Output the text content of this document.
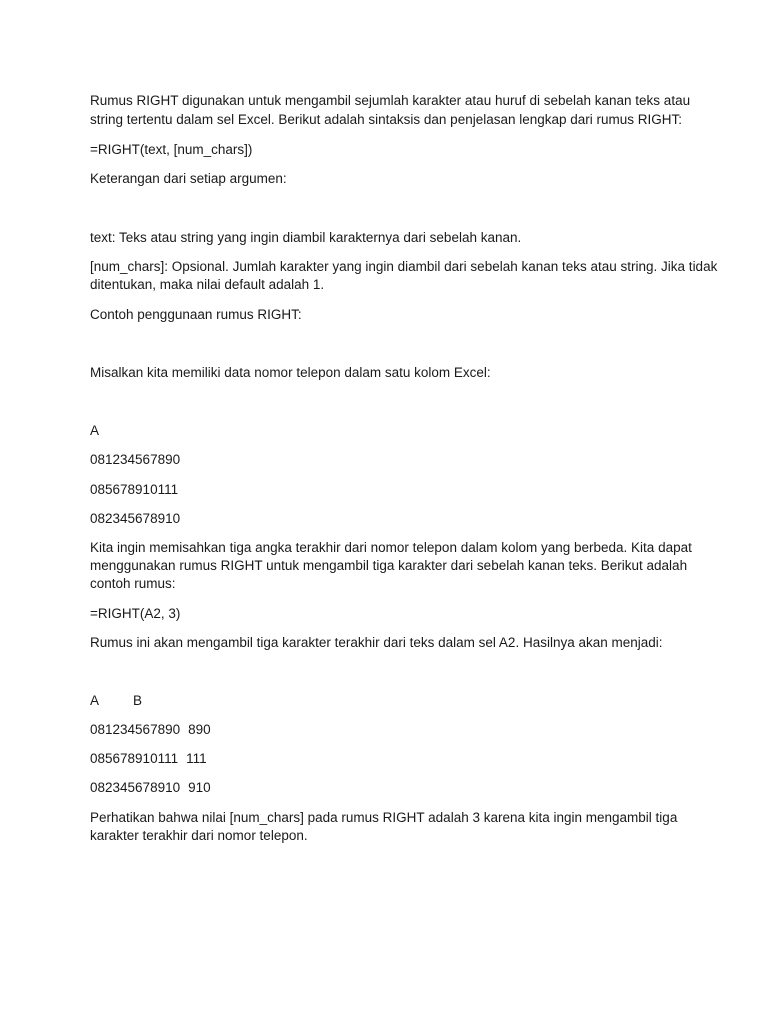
Rumus RIGHT digunakan untuk mengambil sejumlah karakter atau huruf di sebelah kanan teks atau
string tertentu dalam sel Excel. Berikut adalah sintaksis dan penjelasan lengkap dari rumus RIGHT:
=RIGHT(text, [num_chars])
Keterangan dari setiap argumen:
text: Teks atau string yang ingin diambil karakternya dari sebelah kanan.
[num_chars]: Opsional. Jumlah karakter yang ingin diambil dari sebelah kanan teks atau string. Jika tidak
ditentukan, maka nilai default adalah 1.
Contoh penggunaan rumus RIGHT:
Misalkan kita memiliki data nomor telepon dalam satu kolom Excel:
A
081234567890
085678910111
082345678910
Kita ingin memisahkan tiga angka terakhir dari nomor telepon dalam kolom yang berbeda. Kita dapat
menggunakan rumus RIGHT untuk mengambil tiga karakter dari sebelah kanan teks. Berikut adalah
contoh rumus:
=RIGHT(A2, 3)
Rumus ini akan mengambil tiga karakter terakhir dari teks dalam sel A2. Hasilnya akan menjadi:
A	B
081234567890 890
085678910111 111
082345678910 910
Perhatikan bahwa nilai [num_chars] pada rumus RIGHT adalah 3 karena kita ingin mengambil tiga
karakter terakhir dari nomor telepon.
